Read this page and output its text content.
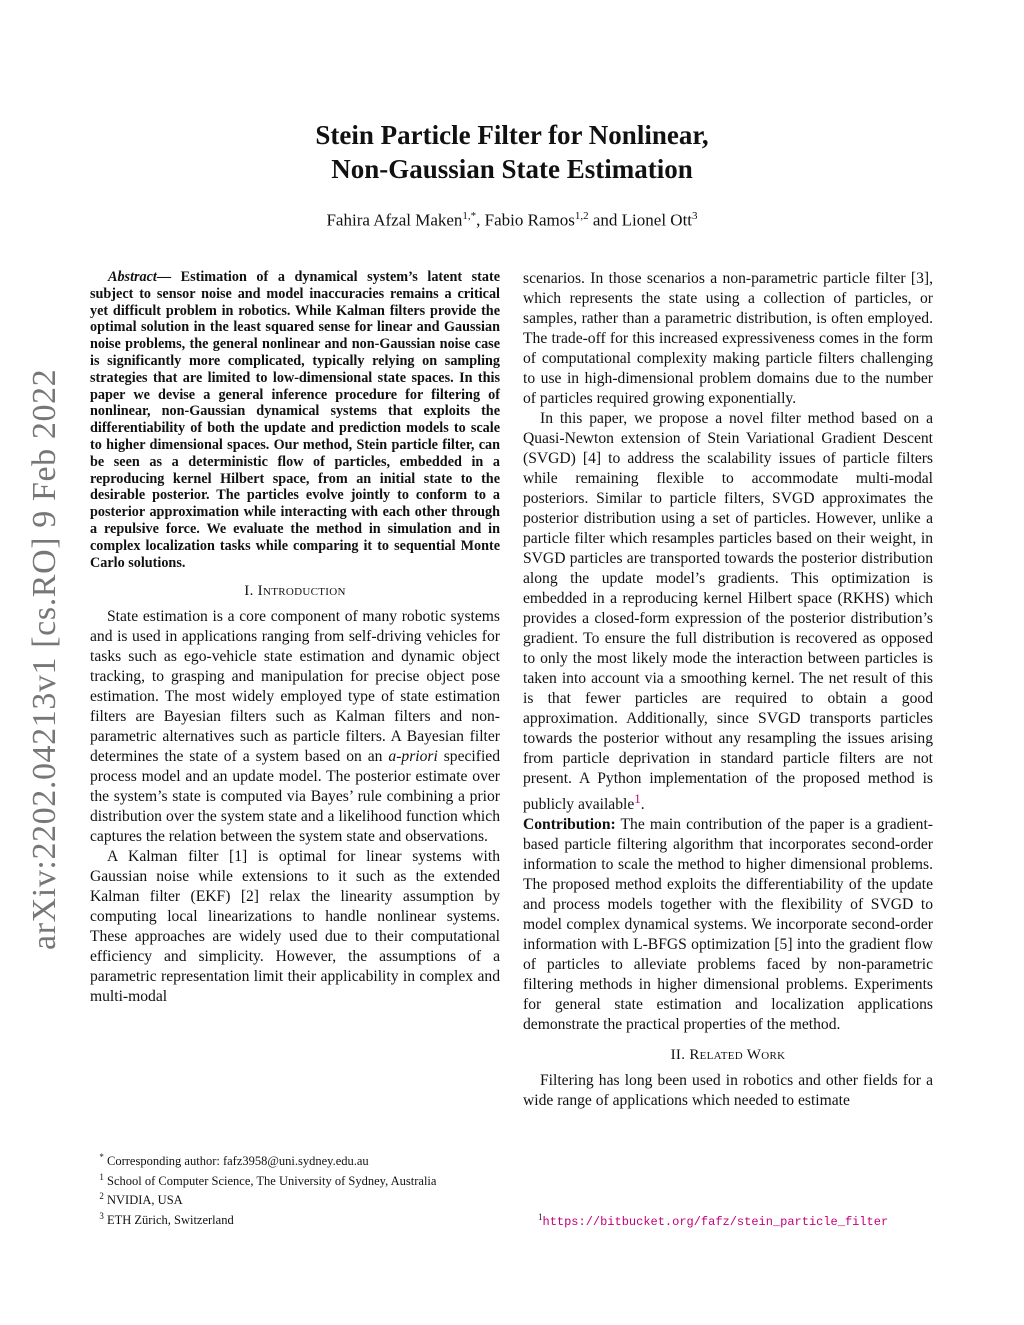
arXiv:2202.04213v1 [cs.RO] 9 Feb 2022
Stein Particle Filter for Nonlinear,
Non-Gaussian State Estimation
Fahira Afzal Maken$^{1,*}$, Fabio Ramos$^{1,2}$ and Lionel Ott$^3$

Abstract— Estimation of a dynamical system’s latent state subject to sensor noise and model inaccuracies remains a critical yet difficult problem in robotics. While Kalman filters provide the optimal solution in the least squared sense for linear and Gaussian noise problems, the general nonlinear and non-Gaussian noise case is significantly more complicated, typically relying on sampling strategies that are limited to low-dimensional state spaces. In this paper we devise a general inference procedure for filtering of nonlinear, non-Gaussian dynamical systems that exploits the differentiability of both the update and prediction models to scale to higher dimensional spaces. Our method, Stein particle filter, can be seen as a deterministic flow of particles, embedded in a reproducing kernel Hilbert space, from an initial state to the desirable posterior. The particles evolve jointly to conform to a posterior approximation while interacting with each other through a repulsive force. We evaluate the method in simulation and in complex localization tasks while comparing it to sequential Monte Carlo solutions.

I. Introduction

State estimation is a core component of many robotic systems and is used in applications ranging from self-driving vehicles for tasks such as ego-vehicle state estimation and dynamic object tracking, to grasping and manipulation for precise object pose estimation. The most widely employed type of state estimation filters are Bayesian filters such as Kalman filters and non-parametric alternatives such as particle filters. A Bayesian filter determines the state of a system based on an a-priori specified process model and an update model. The posterior estimate over the system’s state is computed via Bayes’ rule combining a prior distribution over the system state and a likelihood function which captures the relation between the system state and observations.

A Kalman filter [1] is optimal for linear systems with Gaussian noise while extensions to it such as the extended Kalman filter (EKF) [2] relax the linearity assumption by computing local linearizations to handle nonlinear systems. These approaches are widely used due to their computational efficiency and simplicity. However, the assumptions of a parametric representation limit their applicability in complex and multi-modal

scenarios. In those scenarios a non-parametric particle filter [3], which represents the state using a collection of particles, or samples, rather than a parametric distribution, is often employed. The trade-off for this increased expressiveness comes in the form of computational complexity making particle filters challenging to use in high-dimensional problem domains due to the number of particles required growing exponentially.

In this paper, we propose a novel filter method based on a Quasi-Newton extension of Stein Variational Gradient Descent (SVGD) [4] to address the scalability issues of particle filters while remaining flexible to accommodate multi-modal posteriors. Similar to particle filters, SVGD approximates the posterior distribution using a set of particles. However, unlike a particle filter which resamples particles based on their weight, in SVGD particles are transported towards the posterior distribution along the update model’s gradients. This optimization is embedded in a reproducing kernel Hilbert space (RKHS) which provides a closed-form expression of the posterior distribution’s gradient. To ensure the full distribution is recovered as opposed to only the most likely mode the interaction between particles is taken into account via a smoothing kernel. The net result of this is that fewer particles are required to obtain a good approximation. Additionally, since SVGD transports particles towards the posterior without any resampling the issues arising from particle deprivation in standard particle filters are not present. A Python implementation of the proposed method is publicly available$^1$.

Contribution: The main contribution of the paper is a gradient-based particle filtering algorithm that incorporates second-order information to scale the method to higher dimensional problems. The proposed method exploits the differentiability of the update and process models together with the flexibility of SVGD to model complex dynamical systems. We incorporate second-order information with L-BFGS optimization [5] into the gradient flow of particles to alleviate problems faced by non-parametric filtering methods in higher dimensional problems. Experiments for general state estimation and localization applications demonstrate the practical properties of the method.

II. Related Work

Filtering has long been used in robotics and other fields for a wide range of applications which needed to estimate

* Corresponding author: fafz3958@uni.sydney.edu.au
$^1$ School of Computer Science, The University of Sydney, Australia
$^2$ NVIDIA, USA
$^3$ ETH Zürich, Switzerland	$^1$https://bitbucket.org/fafz/stein_particle_filter
